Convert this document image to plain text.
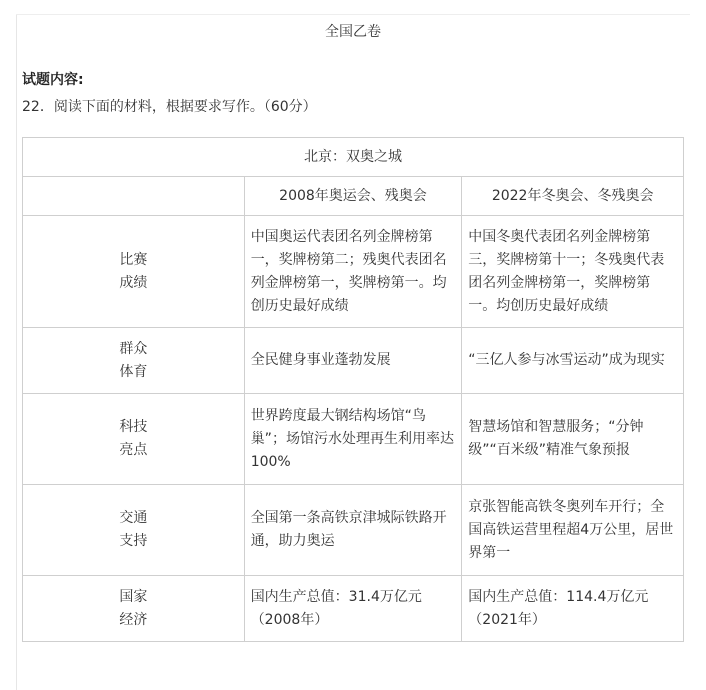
全国乙卷
试题内容:
22．阅读下面的材料，根据要求写作。（60分）
北京：双奥之城		
	2008年奥运会、残奥会	2022年冬奥会、冬残奥会

比赛
成绩	中国奥运代表团名列金牌榜第一，奖牌榜第二；残奥代表团名列金牌榜第一，奖牌榜第一。均创历史最好成绩	中国冬奥代表团名列金牌榜第三，奖牌榜第十一；冬残奥代表团名列金牌榜第一，奖牌榜第一。均创历史最好成绩

群众
体育	全民健身事业蓬勃发展	“三亿人参与冰雪运动”成为现实

科技
亮点	世界跨度最大钢结构场馆“鸟巢”；场馆污水处理再生利用率达100%	智慧场馆和智慧服务；“分钟级”“百米级”精准气象预报

交通
支持	全国第一条高铁京津城际铁路开通，助力奥运	京张智能高铁冬奥列车开行；全国高铁运营里程超4万公里，居世界第一

国家
经济	国内生产总值：31.4万亿元（2008年）	国内生产总值：114.4万亿元（2021年）
